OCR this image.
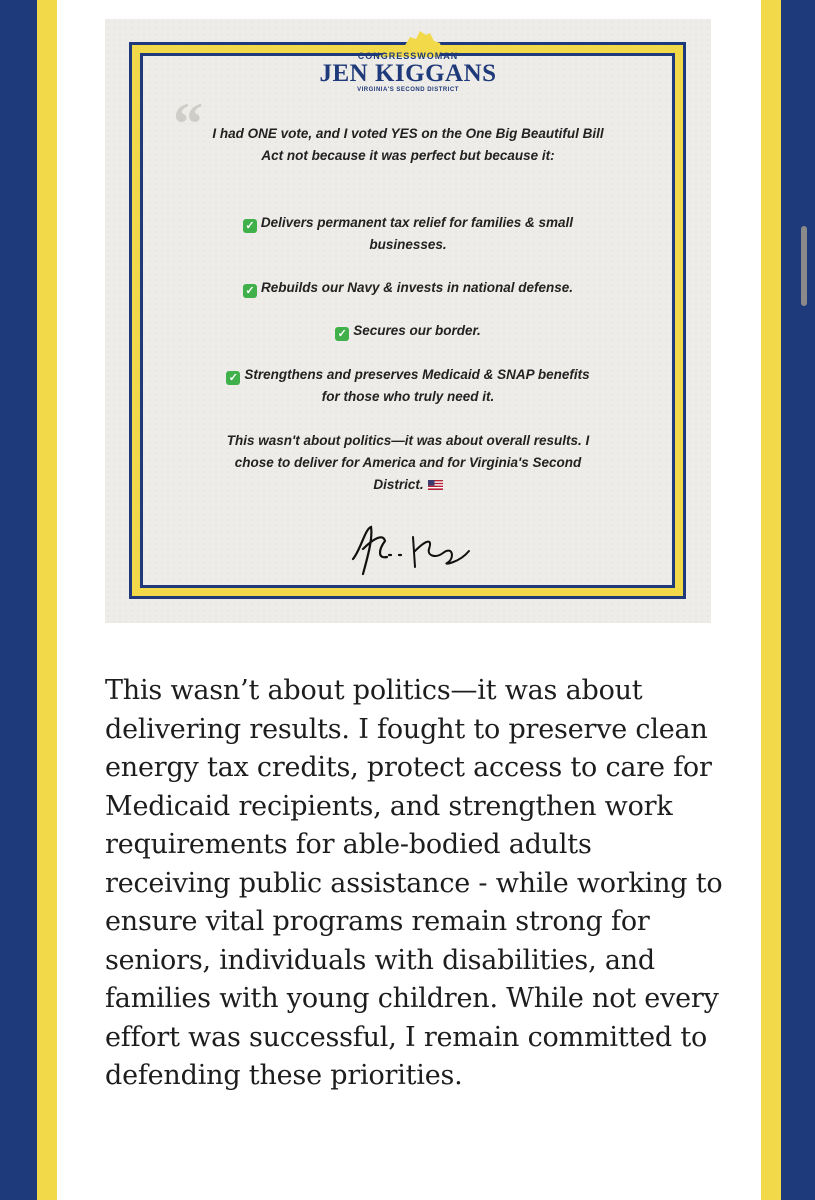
CONGRESSWOMAN
JEN KIGGANS
VIRGINIA'S SECOND DISTRICT
“ I had ONE vote, and I voted YES on the One Big Beautiful Bill Act not because it was perfect but because it:
✓ Delivers permanent tax relief for families & small businesses.
✓ Rebuilds our Navy & invests in national defense.
✓ Secures our border.
✓ Strengthens and preserves Medicaid & SNAP benefits for those who truly need it.
This wasn't about politics—it was about overall results. I chose to deliver for America and for Virginia's Second District.

This wasn’t about politics—it was about delivering results. I fought to preserve clean energy tax credits, protect access to care for Medicaid recipients, and strengthen work requirements for able-bodied adults receiving public assistance - while working to ensure vital programs remain strong for seniors, individuals with disabilities, and families with young children. While not every effort was successful, I remain committed to defending these priorities.
